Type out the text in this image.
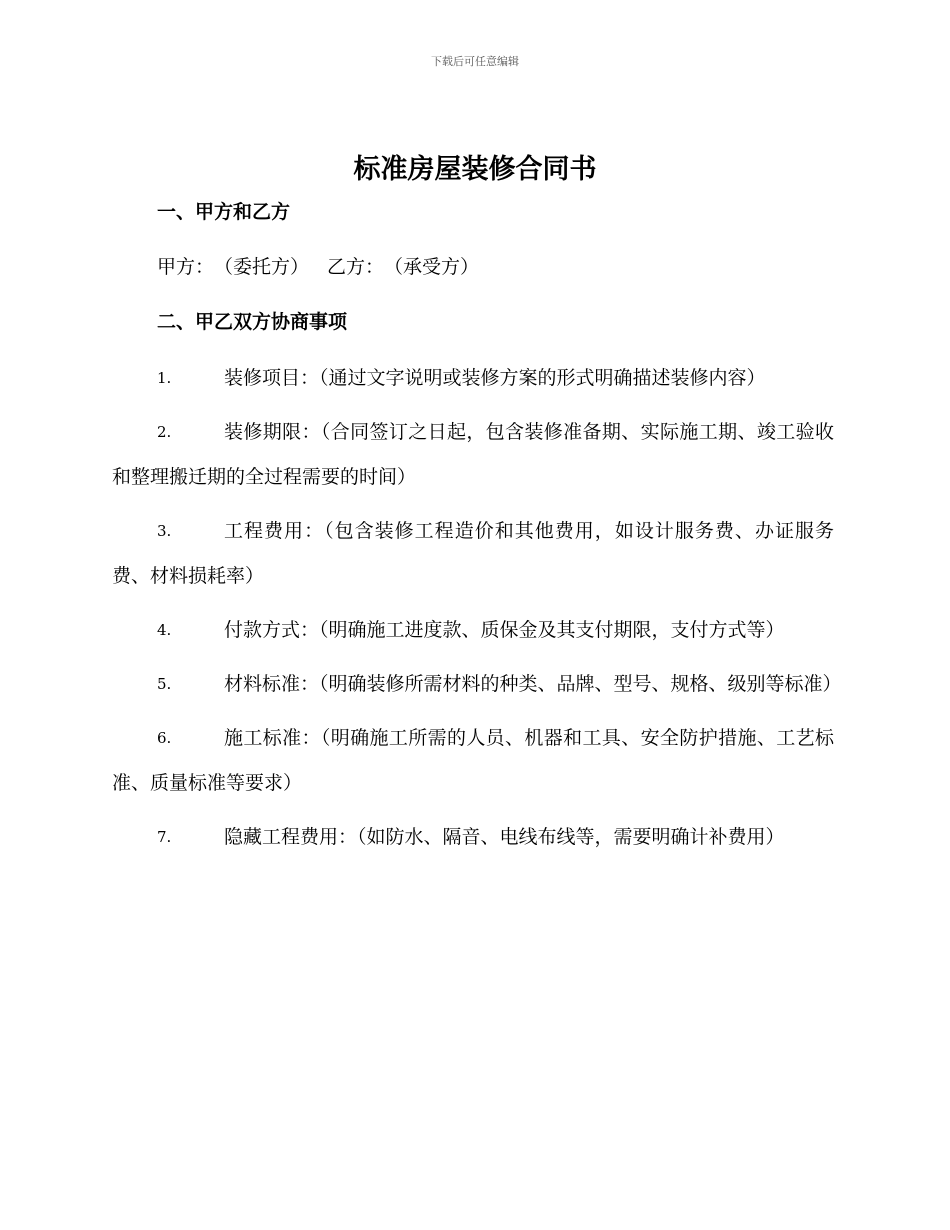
下载后可任意编辑
标准房屋装修合同书
一、甲方和乙方
甲方：（委托方） 乙方：（承受方）
二、甲乙双方协商事项
1.	装修项目：（通过文字说明或装修方案的形式明确描述装修内容）
2.	装修期限：（合同签订之日起，包含装修准备期、实际施工期、竣工验收和整理搬迁期的全过程需要的时间）
3.	工程费用：（包含装修工程造价和其他费用，如设计服务费、办证服务费、材料损耗率）
4.	付款方式：（明确施工进度款、质保金及其支付期限，支付方式等）
5.	材料标准：（明确装修所需材料的种类、品牌、型号、规格、级别等标准）
6.	施工标准：（明确施工所需的人员、机器和工具、安全防护措施、工艺标准、质量标准等要求）
7.	隐藏工程费用：（如防水、隔音、电线布线等，需要明确计补费用）
